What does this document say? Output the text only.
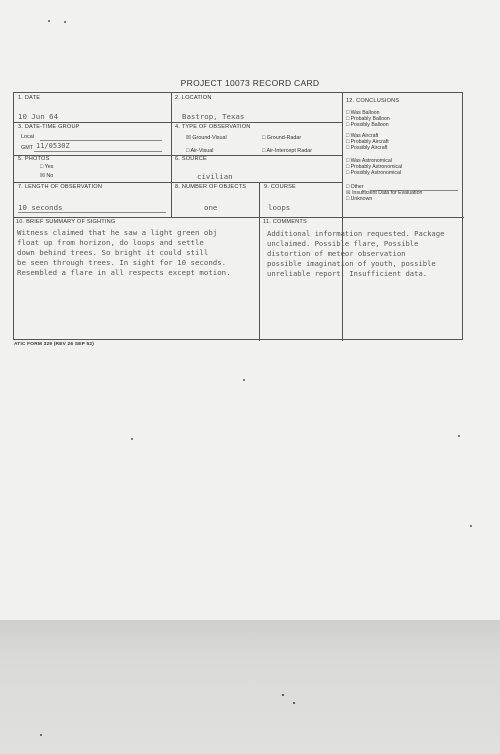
PROJECT 10073 RECORD CARD
1. DATE
10 Jun 64
2. LOCATION
Bastrop, Texas
3. DATE-TIME GROUP
Local
GMT 11/0530Z
5. PHOTOS
□ Yes
☒ No
4. TYPE OF OBSERVATION
☒ Ground-Visual	□ Ground-Radar
□ Air-Visual	□ Air-Intercept Radar
6. SOURCE
civilian
7. LENGTH OF OBSERVATION
10 seconds
8. NUMBER OF OBJECTS
one
9. COURSE
loops
12. CONCLUSIONS
□ Was Balloon
□ Probably Balloon
□ Possibly Balloon
□ Was Aircraft
□ Probably Aircraft
□ Possibly Aircraft
□ Was Astronomical
□ Probably Astronomical
□ Possibly Astronomical
□ Other
☒ Insufficient Data for Evaluation
□ Unknown
10. BRIEF SUMMARY OF SIGHTING
Witness claimed that he saw a light green obj
float up from horizon, do loops and settle
down behind trees. So bright it could still
be seen through trees. In sight for 10 seconds.
Resembled a flare in all respects except motion.
11. COMMENTS
Additional information requested. Package
unclaimed. Possible flare, Possible
distortion of meteor observation
possible imagination of youth, possible
unreliable report. Insufficient data.
ATIC FORM 329 (REV 26 SEP 52)
